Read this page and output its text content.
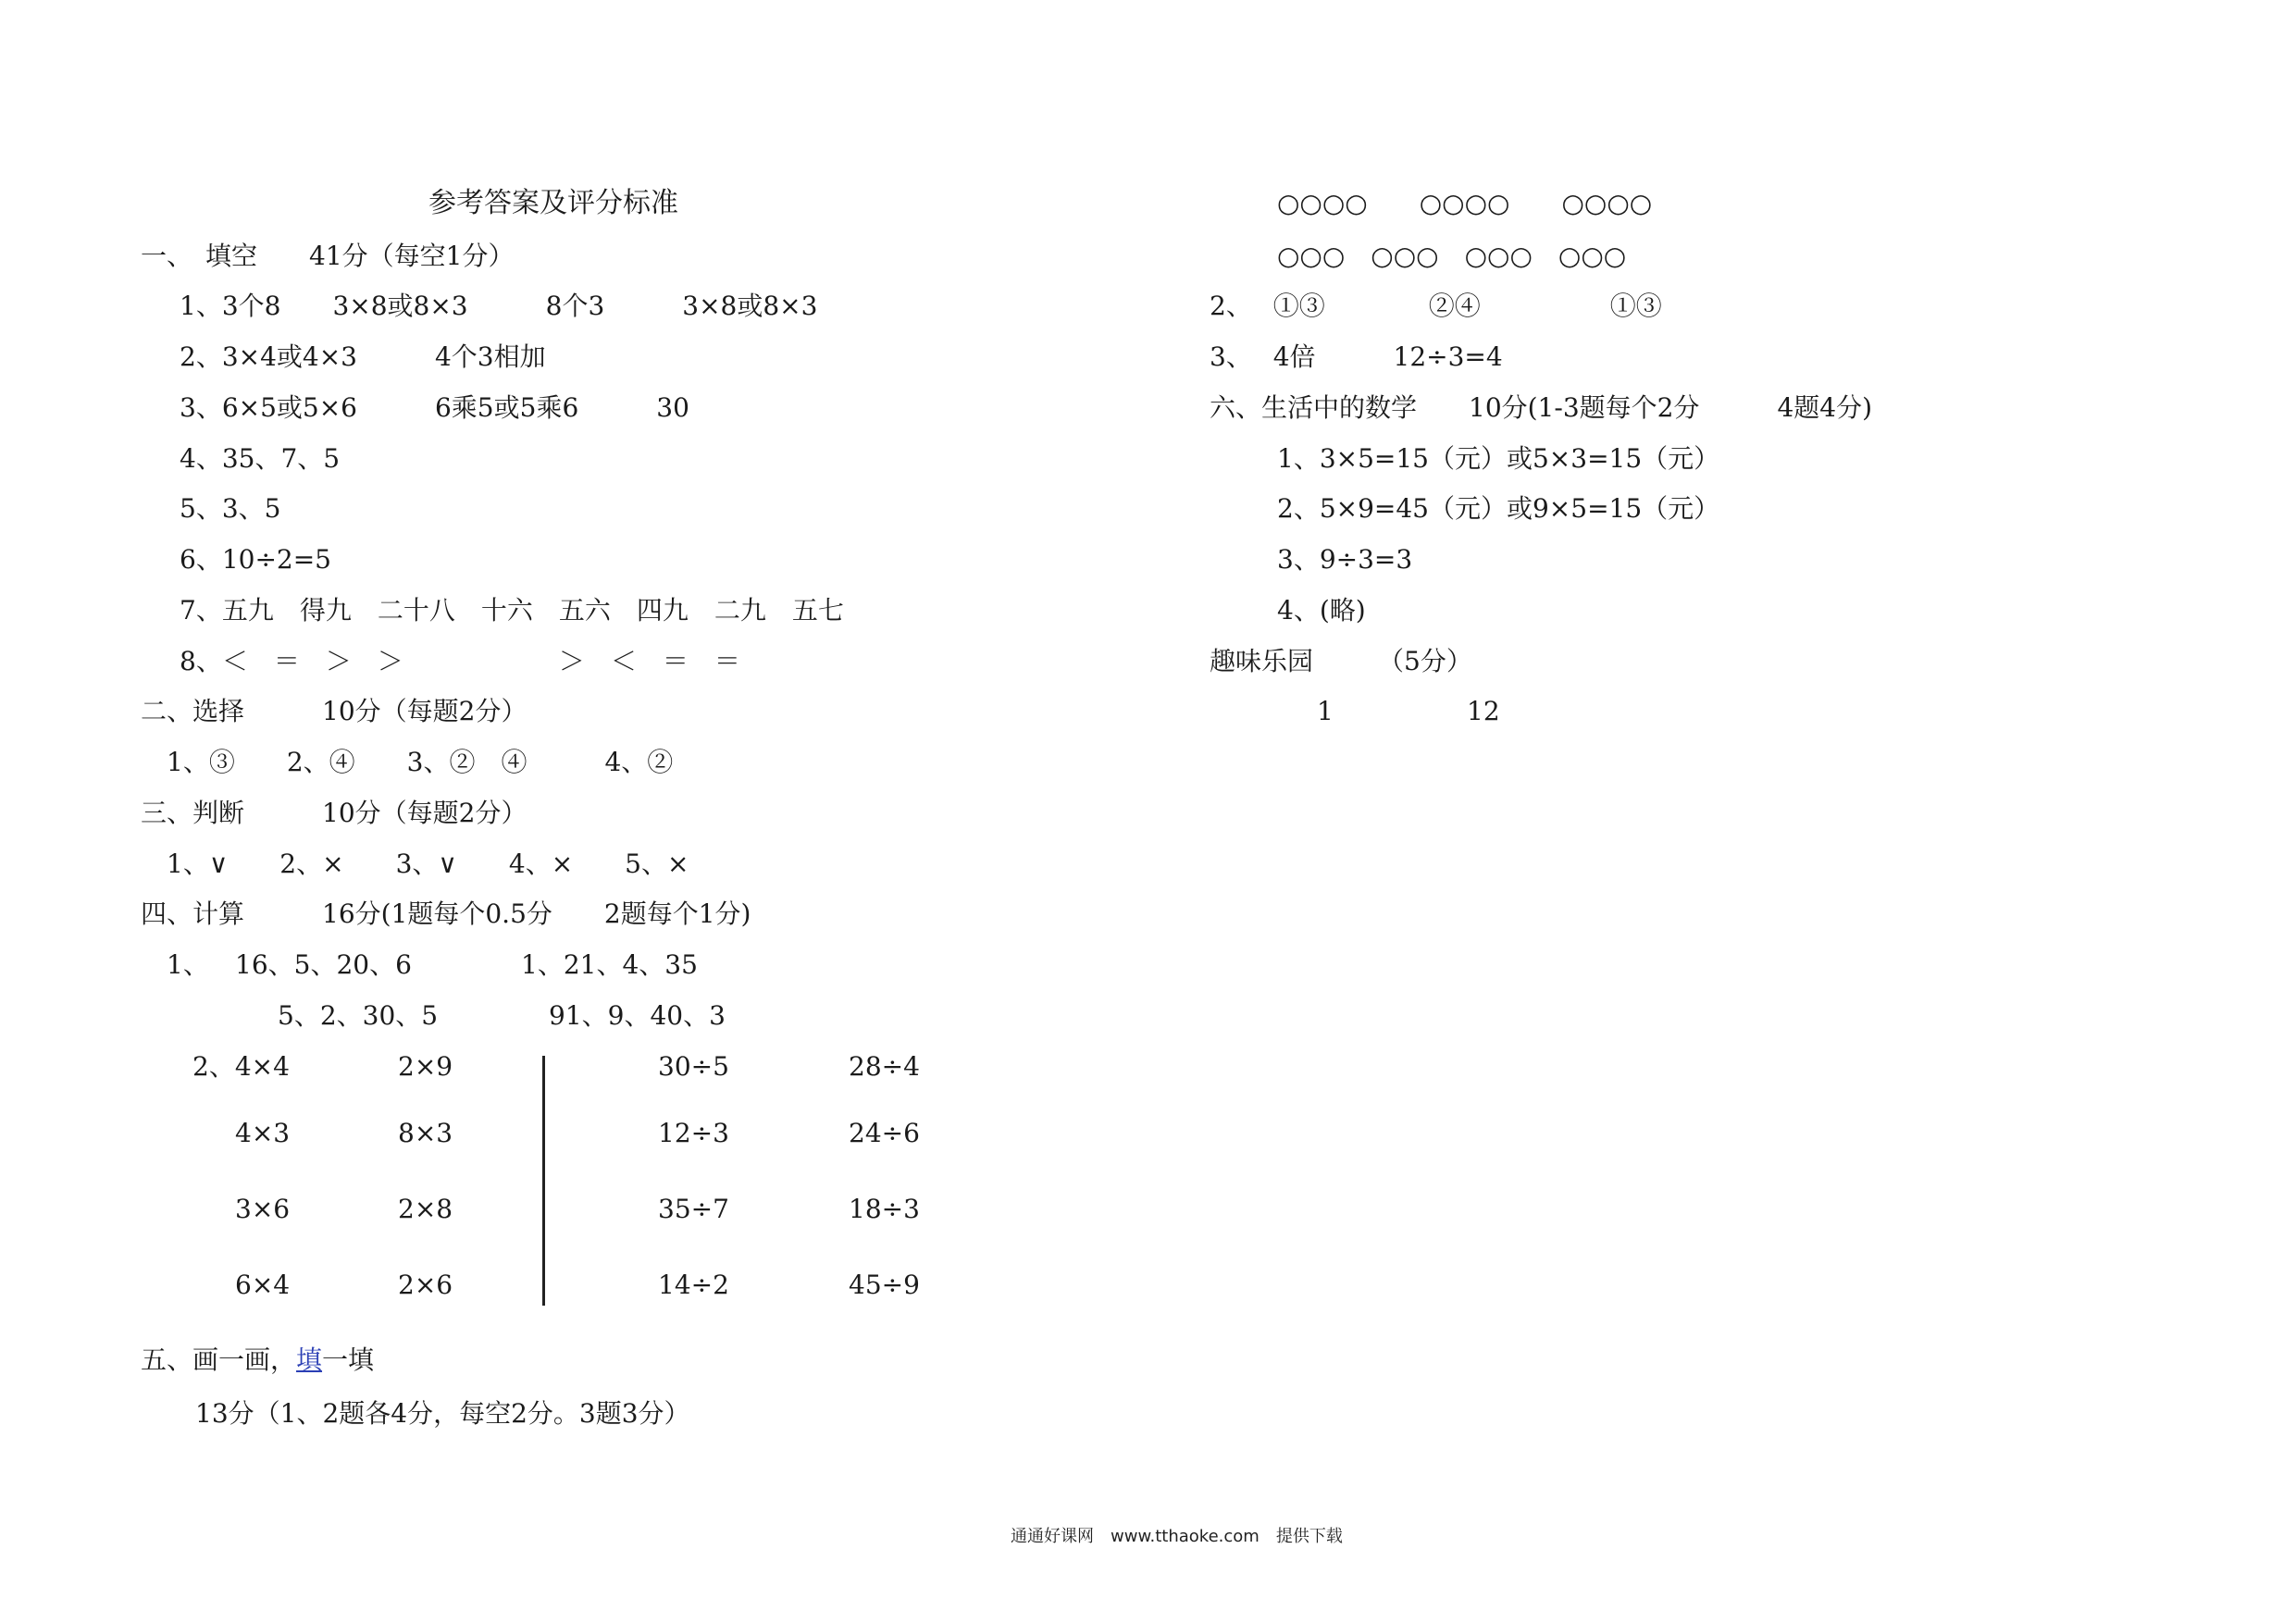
参考答案及评分标准
一、　填空　　41分（每空1分）
1、3个8　　3×8或8×3　　　8个3　　　3×8或8×3
2、3×4或4×3　　　4个3相加
3、6×5或5×6　　　6乘5或5乘6　　　30
4、35、7、5
5、3、5
6、10÷2=5
7、五九　得九　二十八　十六　五六　四九　二九　五七
8、＜　＝　＞　＞　　　　　　＞　＜　＝　＝
二、选择　　　10分（每题2分）
1、③　　2、④　　3、②　④　　　4、②
三、判断　　　10分（每题2分）
1、∨　　2、×　　3、∨　　4、×　　5、×
四、计算　　　16分(1题每个0.5分　　2题每个1分)
1、 16、5、20、6	1、21、4、35
5、2、30、5	91、9、40、3
2、4×4	2×9	30÷5	28÷4
4×3	8×3	12÷3	24÷6
3×6	2×8	35÷7	18÷3
6×4	2×6	14÷2	45÷9
五、画一画，填一填
13分（1、2题各4分，每空2分。3题3分）
○○○○　　○○○○　　○○○○
○○○　○○○　○○○　○○○
2、　 ①③　　　　②④　　　　　①③
3、　 4倍　　　12÷3=4
六、生活中的数学　　10分(1-3题每个2分　　　4题4分)
1、3×5=15（元）或5×3=15（元）
2、5×9=45（元）或9×5=15（元）
3、9÷3=3
4、(略)
趣味乐园　　　（5分）
1	12
通通好课网　www.tthaoke.com　提供下载
